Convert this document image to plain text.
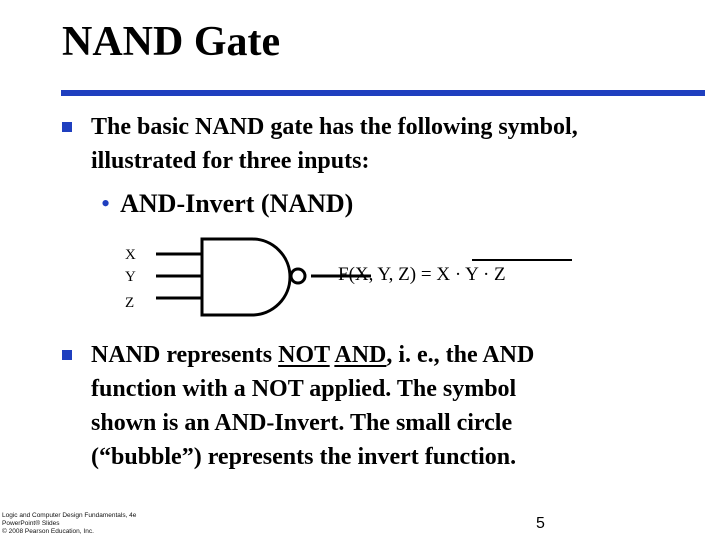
NAND Gate
The basic NAND gate has the following symbol,
illustrated for three inputs:
• AND-Invert (NAND)
X
Y
Z
F(X, Y, Z) = X · Y · Z
NAND represents NOT AND, i. e., the AND
function with a NOT applied. The symbol
shown is an AND-Invert. The small circle
(“bubble”) represents the invert function.
Logic and Computer Design Fundamentals, 4e
PowerPoint® Slides
© 2008 Pearson Education, Inc.	5
